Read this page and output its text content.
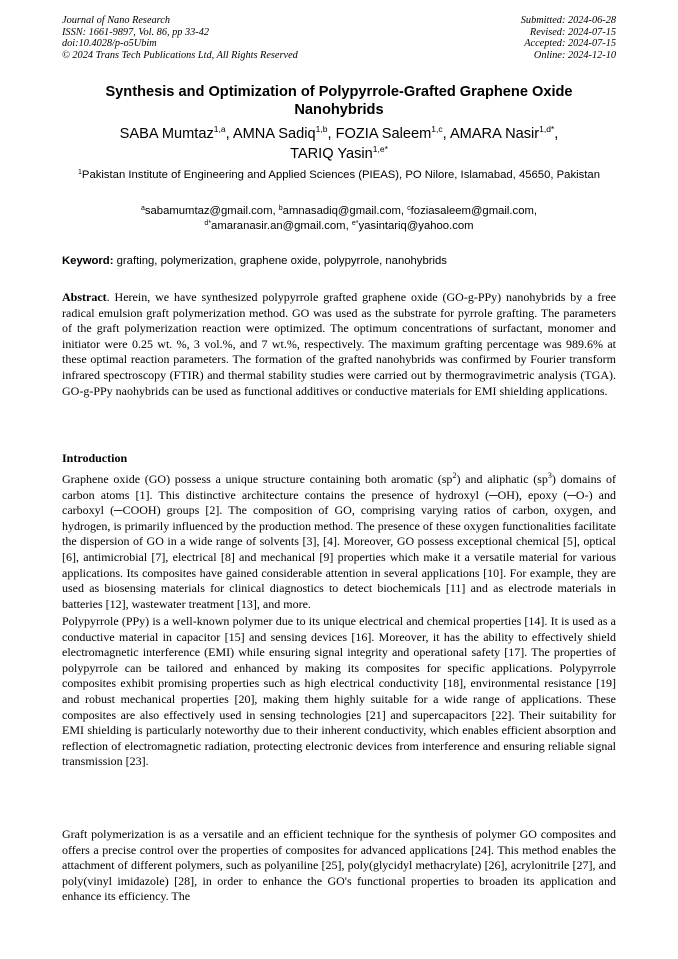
Journal of Nano Research
ISSN: 1661-9897, Vol. 86, pp 33-42
doi:10.4028/p-o5Ubim
© 2024 Trans Tech Publications Ltd, All Rights Reserved
Submitted: 2024-06-28
Revised: 2024-07-15
Accepted: 2024-07-15
Online: 2024-12-10
Synthesis and Optimization of Polypyrrole-Grafted Graphene Oxide Nanohybrids
SABA Mumtaz$^{1,a}$, AMNA Sadiq$^{1,b}$, FOZIA Saleem$^{1,c}$, AMARA Nasir$^{1,d*}$,
TARIQ Yasin$^{1,e*}$
$^1$Pakistan Institute of Engineering and Applied Sciences (PIEAS), PO Nilore, Islamabad, 45650, Pakistan
$^a$sabamumtaz@gmail.com, $^b$amnasadiq@gmail.com, $^c$foziasaleem@gmail.com,
$^{d*}$amaranasir.an@gmail.com, $^{e*}$yasintariq@yahoo.com
Keyword: grafting, polymerization, graphene oxide, polypyrrole, nanohybrids
Abstract. Herein, we have synthesized polypyrrole grafted graphene oxide (GO-g-PPy) nanohybrids by a free radical emulsion graft polymerization method. GO was used as the substrate for pyrrole grafting. The parameters of the graft polymerization reaction were optimized. The optimum concentrations of surfactant, monomer and initiator were 0.25 wt. %, 3 vol.%, and 7 wt.%, respectively. The maximum grafting percentage was 989.6% at these optimal reaction parameters. The formation of the grafted nanohybrids was confirmed by Fourier transform infrared spectroscopy (FTIR) and thermal stability studies were carried out by thermogravimetric analysis (TGA). GO-g-PPy naohybrids can be used as functional additives or conductive materials for EMI shielding applications.
Introduction
Graphene oxide (GO) possess a unique structure containing both aromatic $(sp^2)$ and aliphatic $(sp^3)$ domains of carbon atoms [1]. This distinctive architecture contains the presence of hydroxyl (─OH), epoxy (─O-) and carboxyl (─COOH) groups [2]. The composition of GO, comprising varying ratios of carbon, oxygen, and hydrogen, is primarily influenced by the production method. The presence of these oxygen functionalities facilitate the dispersion of GO in a wide range of solvents [3], [4]. Moreover, GO possess exceptional chemical [5], optical [6], antimicrobial [7], electrical [8] and mechanical [9] properties which make it a versatile material for various applications. Its composites have gained considerable attention in several applications [10]. For example, they are used as biosensing materials for clinical diagnostics to detect biochemicals [11] and as electrode materials in batteries [12], wastewater treatment [13], and more.
Polypyrrole (PPy) is a well-known polymer due to its unique electrical and chemical properties [14]. It is used as a conductive material in capacitor [15] and sensing devices [16]. Moreover, it has the ability to effectively shield electromagnetic interference (EMI) while ensuring signal integrity and operational safety [17]. The properties of polypyrrole can be tailored and enhanced by making its composites for specific applications. Polypyrrole composites exhibit promising properties such as high electrical conductivity [18], environmental resistance [19] and robust mechanical properties [20], making them highly suitable for a wide range of applications. These composites are also effectively used in sensing technologies [21] and supercapacitors [22]. Their suitability for EMI shielding is particularly noteworthy due to their inherent conductivity, which enables efficient absorption and reflection of electromagnetic radiation, protecting electronic devices from interference and ensuring reliable signal transmission [23].
Graft polymerization is as a versatile and an efficient technique for the synthesis of polymer GO composites and offers a precise control over the properties of composites for advanced applications [24]. This method enables the attachment of different polymers, such as polyaniline [25], poly(glycidyl methacrylate) [26], acrylonitrile [27], and poly(vinyl imidazole) [28], in order to enhance the GO's functional properties to broaden its application and enhance its efficiency. The
